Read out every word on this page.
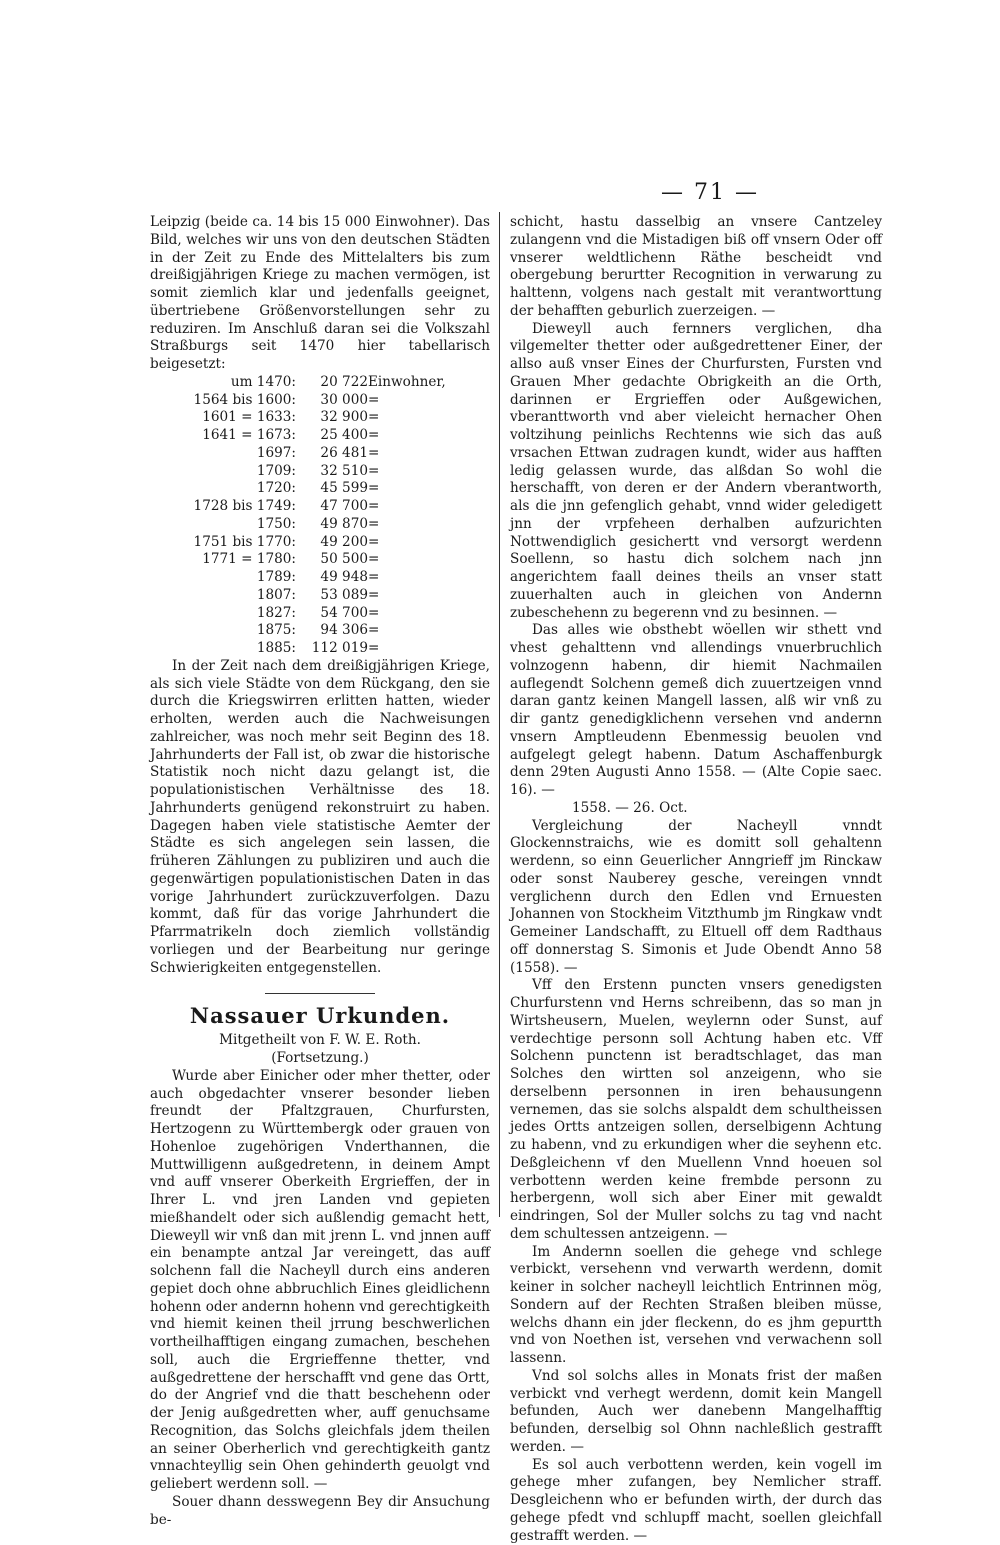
— 71 —

Leipzig (beide ca. 14 bis 15 000 Einwohner). Das Bild, welches wir uns von den deutschen Städten in der Zeit zu Ende des Mittelalters bis zum dreißigjährigen Kriege zu machen vermögen, ist somit ziemlich klar und jedenfalls geeignet, übertriebene Größenvorstellungen sehr zu reduziren. Im Anschluß daran sei die Volkszahl Straßburgs seit 1470 hier tabellarisch beigesetzt:

um 1470:	20 722	Einwohner,
1564 bis 1600:	30 000	=
1601 = 1633:	32 900	=
1641 = 1673:	25 400	=
1697:	26 481	=
1709:	32 510	=
1720:	45 599	=
1728 bis 1749:	47 700	=
1750:	49 870	=
1751 bis 1770:	49 200	=
1771 = 1780:	50 500	=
1789:	49 948	=
1807:	53 089	=
1827:	54 700	=
1875:	94 306	=
1885:	112 019	=

In der Zeit nach dem dreißigjährigen Kriege, als sich viele Städte von dem Rückgang, den sie durch die Kriegswirren erlitten hatten, wieder erholten, werden auch die Nachweisungen zahlreicher, was noch mehr seit Beginn des 18. Jahrhunderts der Fall ist, ob zwar die historische Statistik noch nicht dazu gelangt ist, die populationistischen Verhältnisse des 18. Jahrhunderts genügend rekonstruirt zu haben. Dagegen haben viele statistische Aemter der Städte es sich angelegen sein lassen, die früheren Zählungen zu publiziren und auch die gegenwärtigen populationistischen Daten in das vorige Jahrhundert zurückzuverfolgen. Dazu kommt, daß für das vorige Jahrhundert die Pfarrmatrikeln doch ziemlich vollständig vorliegen und der Bearbeitung nur geringe Schwierigkeiten entgegenstellen.

Nassauer Urkunden.

Mitgetheilt von F. W. E. Roth.

(Fortsetzung.)

Wurde aber Einicher oder mher thetter, oder auch obgedachter vnserer besonder lieben freundt der Pfaltzgrauen, Churfursten, Hertzogenn zu Württembergk oder grauen von Hohenloe zugehörigen Vnderthannen, die Muttwilligenn außgedretenn, in deinem Ampt vnd auff vnserer Oberkeith Ergrieffen, der in Ihrer L. vnd jren Landen vnd gepieten mießhandelt oder sich außlendig gemacht hett, Dieweyll wir vnß dan mit jrenn L. vnd jnnen auff ein benampte antzal Jar vereingett, das auff solchenn fall die Nacheyll durch eins anderen gepiet doch ohne abbruchlich Eines gleidlichenn hohenn oder andernn hohenn vnd gerechtigkeith vnd hiemit keinen theil jrrung beschwerlichen vortheilhafftigen eingang zumachen, beschehen soll, auch die Ergrieffenne thetter, vnd außgedrettene der herschafft vnd gene das Ortt, do der Angrief vnd die thatt beschehenn oder der Jenig außgedretten wher, auff genuchsame Recognition, das Solchs gleichfals jdem theilen an seiner Oberherlich vnd gerechtigkeith gantz vnnachteyllig sein Ohen gehinderth geuolgt vnd geliebert werdenn soll. —

Souer dhann desswegenn Bey dir Ansuchung be-

schicht, hastu dasselbig an vnsere Cantzeley zulangenn vnd die Mistadigen biß off vnsern Oder off vnserer weldtlichenn Räthe bescheidt vnd obergebung berurtter Recognition in verwarung zu halttenn, volgens nach gestalt mit verantworttung der behafften geburlich zuerzeigen. —

Dieweyll auch fernners verglichen, dha vilgemelter thetter oder außgedrettener Einer, der allso auß vnser Eines der Churfursten, Fursten vnd Grauen Mher gedachte Obrigkeith an die Orth, darinnen er Ergrieffen oder Außgewichen, vberanttworth vnd aber vieleicht hernacher Ohen voltzihung peinlichs Rechtenns wie sich das auß vrsachen Ettwan zudragen kundt, wider aus hafften ledig gelassen wurde, das alßdan So wohl die herschafft, von deren er der Andern vberantworth, als die jnn gefenglich gehabt, vnnd wider geledigett jnn der vrpfeheen derhalben aufzurichten Nottwendiglich gesichertt vnd versorgt werdenn Soellenn, so hastu dich solchem nach jnn angerichtem faall deines theils an vnser statt zuuerhalten auch in gleichen von Andernn zubeschehenn zu begerenn vnd zu besinnen. —

Das alles wie obsthebt wöellen wir sthett vnd vhest gehalttenn vnd allendings vnuerbruchlich volnzogenn habenn, dir hiemit Nachmailen auflegendt Solchenn gemeß dich zuuertzeigen vnnd daran gantz keinen Mangell lassen, alß wir vnß zu dir gantz genedigklichenn versehen vnd andernn vnsern Amptleudenn Ebenmessig beuolen vnd aufgelegt gelegt habenn. Datum Aschaffenburgk denn 29ten Augusti Anno 1558. — (Alte Copie saec. 16). —

1558. — 26. Oct.

Vergleichung der Nacheyll vnndt Glockennstraichs, wie es domitt soll gehaltenn werdenn, so einn Geuerlicher Anngrieff jm Rinckaw oder sonst Nauberey gesche, vereingen vnndt verglichenn durch den Edlen vnd Ernuesten Johannen von Stockheim Vitzthumb jm Ringkaw vndt Gemeiner Landschafft, zu Eltuell off dem Radthaus off donnerstag S. Simonis et Jude Obendt Anno 58 (1558). —

Vff den Erstenn puncten vnsers genedigsten Churfurstenn vnd Herns schreibenn, das so man jn Wirtsheusern, Muelen, weylernn oder Sunst, auf verdechtige personn soll Achtung haben etc. Vff Solchenn punctenn ist beradtschlaget, das man Solches den wirtten sol anzeigenn, who sie derselbenn personnen in iren behausungenn vernemen, das sie solchs alspaldt dem schultheissen jedes Ortts antzeigen sollen, derselbigenn Achtung zu habenn, vnd zu erkundigen wher die seyhenn etc. Deßgleichenn vf den Muellenn Vnnd hoeuen sol verbottenn werden keine frembde personn zu herbergenn, woll sich aber Einer mit gewaldt eindringen, Sol der Muller solchs zu tag vnd nacht dem schultessen antzeigenn. —

Im Andernn soellen die gehege vnd schlege verbickt, versehenn vnd verwarth werdenn, domit keiner in solcher nacheyll leichtlich Entrinnen mög, Sondern auf der Rechten Straßen bleiben müsse, welchs dhann ein jder fleckenn, do es jhm gepurtth vnd von Noethen ist, versehen vnd verwachenn soll lassenn.

Vnd sol solchs alles in Monats frist der maßen verbickt vnd verhegt werdenn, domit kein Mangell befunden, Auch wer danebenn Mangelhafftig befunden, derselbig sol Ohnn nachleßlich gestrafft werden. —

Es sol auch verbottenn werden, kein vogell im gehege mher zufangen, bey Nemlicher straff. Desgleichenn who er befunden wirth, der durch das gehege pfedt vnd schlupff macht, soellen gleichfall gestrafft werden. —
